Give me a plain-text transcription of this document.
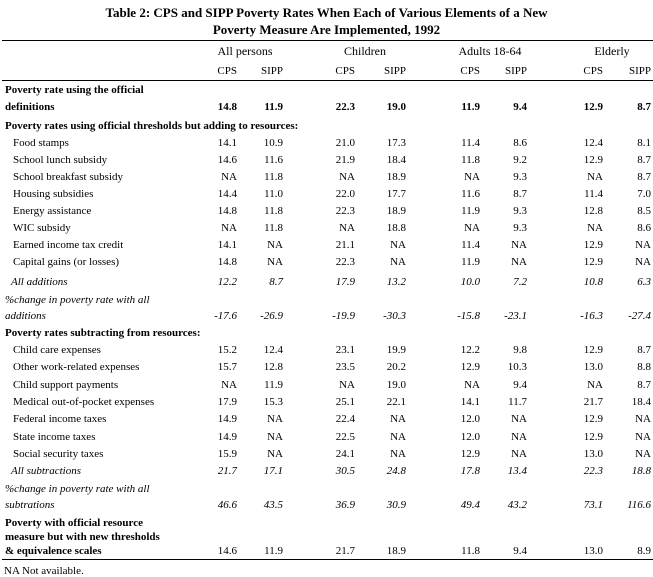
Table 2: CPS and SIPP Poverty Rates When Each of Various Elements of a New
Poverty Measure Are Implemented, 1992
All persons	Children	Adults 18-64	Elderly
CPS	SIPP	CPS	SIPP	CPS	SIPP	CPS	SIPP
Poverty rate using the official
definitions	14.8	11.9	22.3	19.0	11.9	9.4	12.9	8.7
Poverty rates using official thresholds but adding to resources:
Food stamps	14.1	10.9	21.0	17.3	11.4	8.6	12.4	8.1
School lunch subsidy	14.6	11.6	21.9	18.4	11.8	9.2	12.9	8.7
School breakfast subsidy	NA	11.8	NA	18.9	NA	9.3	NA	8.7
Housing subsidies	14.4	11.0	22.0	17.7	11.6	8.7	11.4	7.0
Energy assistance	14.8	11.8	22.3	18.9	11.9	9.3	12.8	8.5
WIC subsidy	NA	11.8	NA	18.8	NA	9.3	NA	8.6
Earned income tax credit	14.1	NA	21.1	NA	11.4	NA	12.9	NA
Capital gains (or losses)	14.8	NA	22.3	NA	11.9	NA	12.9	NA
All additions	12.2	8.7	17.9	13.2	10.0	7.2	10.8	6.3
%change in poverty rate with all
additions	-17.6	-26.9	-19.9	-30.3	-15.8	-23.1	-16.3	-27.4
Poverty rates subtracting from resources:
Child care expenses	15.2	12.4	23.1	19.9	12.2	9.8	12.9	8.7
Other work-related expenses	15.7	12.8	23.5	20.2	12.9	10.3	13.0	8.8
Child support payments	NA	11.9	NA	19.0	NA	9.4	NA	8.7
Medical out-of-pocket expenses	17.9	15.3	25.1	22.1	14.1	11.7	21.7	18.4
Federal income taxes	14.9	NA	22.4	NA	12.0	NA	12.9	NA
State income taxes	14.9	NA	22.5	NA	12.0	NA	12.9	NA
Social security taxes	15.9	NA	24.1	NA	12.9	NA	13.0	NA
All subtractions	21.7	17.1	30.5	24.8	17.8	13.4	22.3	18.8
%change in poverty rate with all
subtrations	46.6	43.5	36.9	30.9	49.4	43.2	73.1	116.6
Poverty with official resource
measure but with new thresholds
& equivalence scales	14.6	11.9	21.7	18.9	11.8	9.4	13.0	8.9
NA Not available.
